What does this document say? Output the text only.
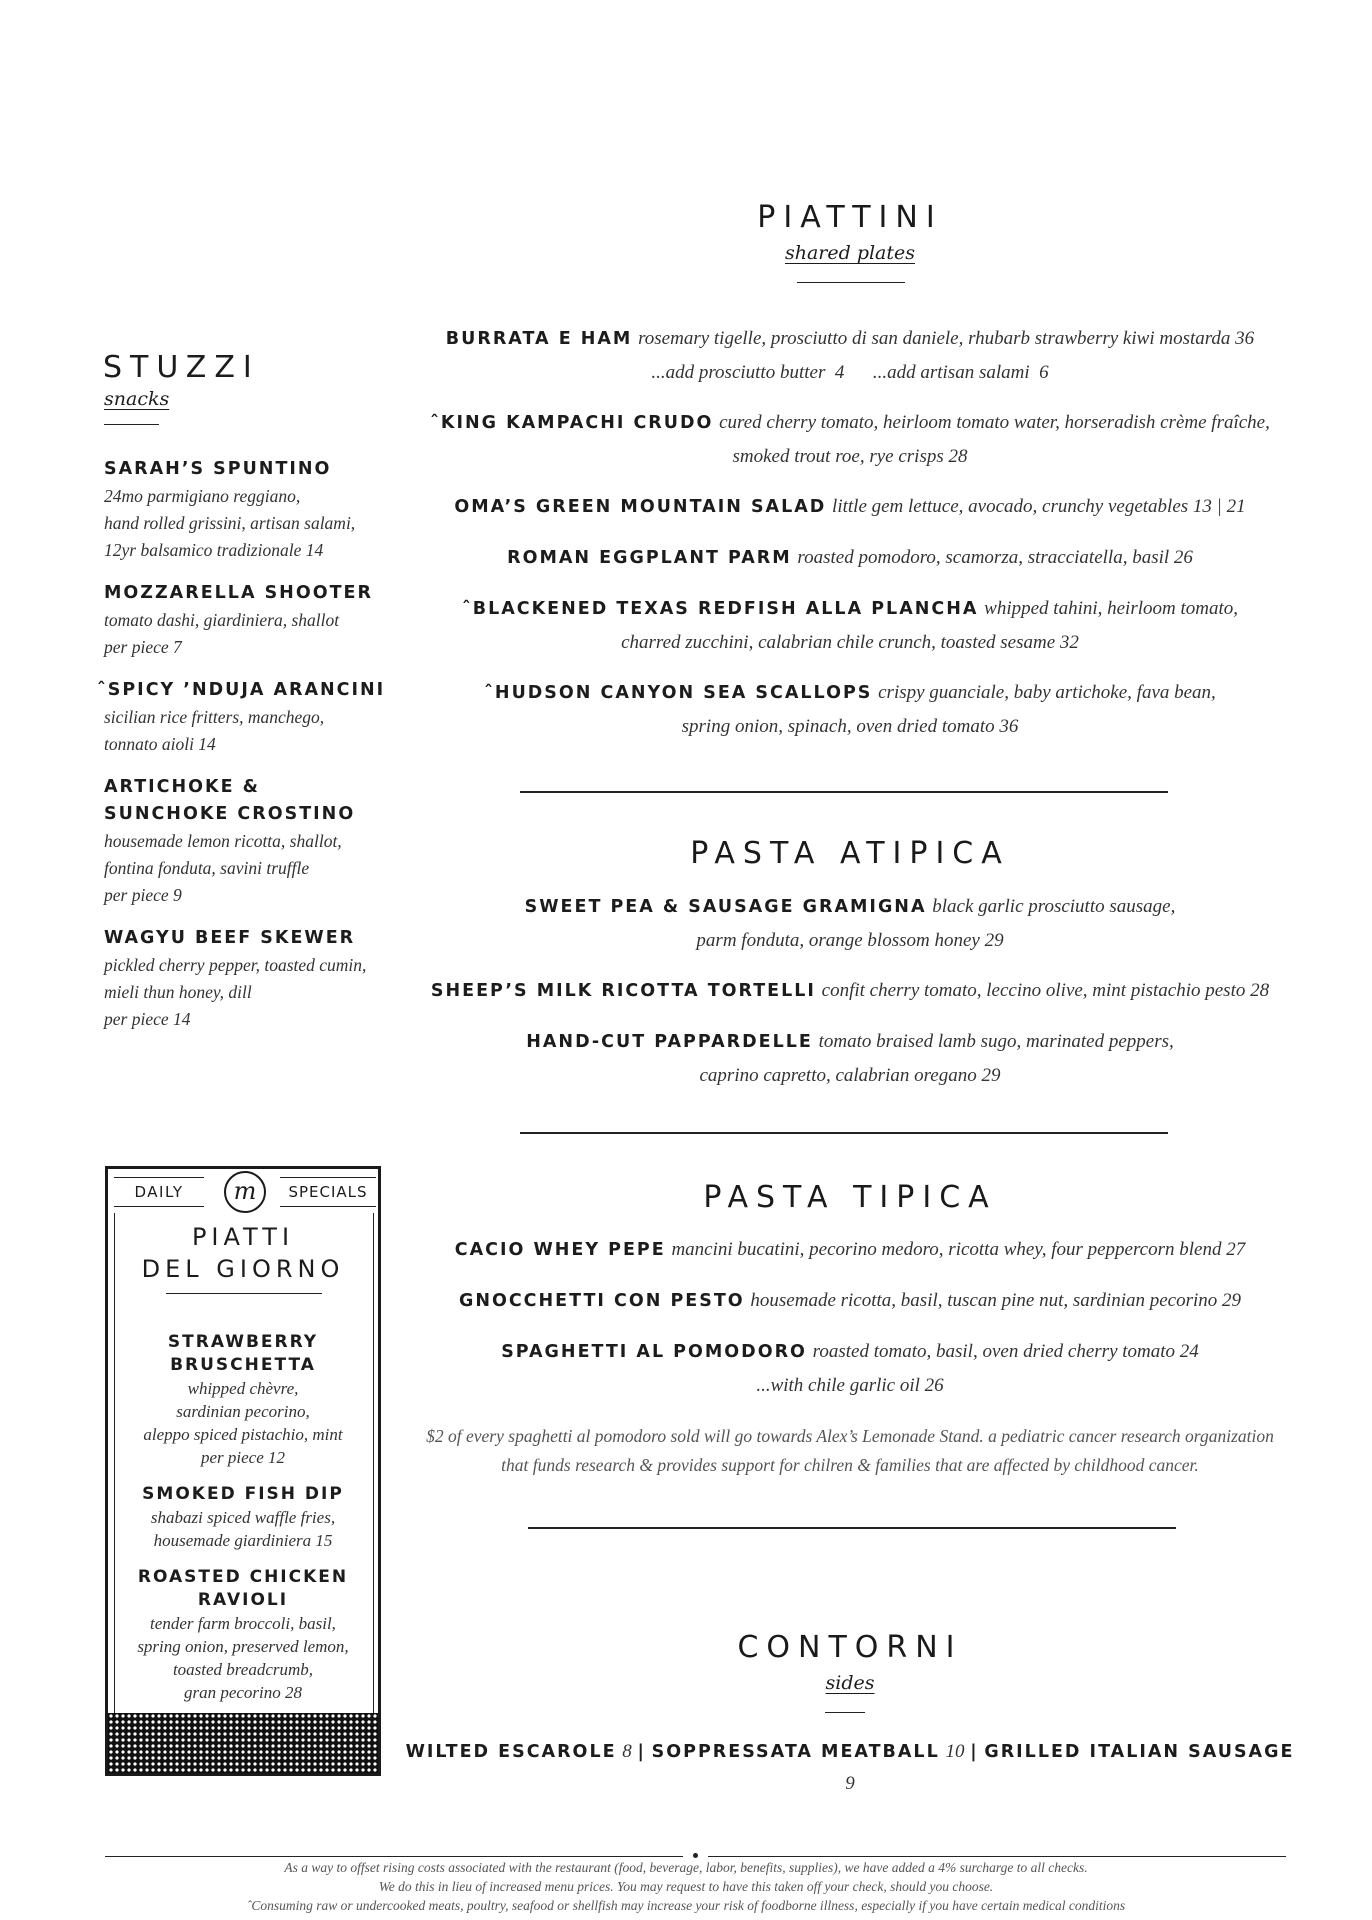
PIATTINI
shared plates
BURRATA E HAM rosemary tigelle, prosciutto di san daniele, rhubarb strawberry kiwi mostarda 36
...add prosciutto butter  4      ...add artisan salami  6
ˆKING KAMPACHI CRUDO cured cherry tomato, heirloom tomato water, horseradish crème fraîche,
smoked trout roe, rye crisps 28
OMA’S GREEN MOUNTAIN SALAD little gem lettuce, avocado, crunchy vegetables 13 | 21
ROMAN EGGPLANT PARM roasted pomodoro, scamorza, stracciatella, basil 26
ˆBLACKENED TEXAS REDFISH ALLA PLANCHA whipped tahini, heirloom tomato,
charred zucchini, calabrian chile crunch, toasted sesame 32
ˆHUDSON CANYON SEA SCALLOPS crispy guanciale, baby artichoke, fava bean,
spring onion, spinach, oven dried tomato 36
STUZZI
snacks
SARAH’S SPUNTINO
24mo parmigiano reggiano,
hand rolled grissini, artisan salami,
12yr balsamico tradizionale 14
MOZZARELLA SHOOTER
tomato dashi, giardiniera, shallot
per piece 7
ˆSPICY ’NDUJA ARANCINI
sicilian rice fritters, manchego,
tonnato aioli 14
ARTICHOKE &
SUNCHOKE CROSTINO
housemade lemon ricotta, shallot,
fontina fonduta, savini truffle
per piece 9
WAGYU BEEF SKEWER
pickled cherry pepper, toasted cumin,
mieli thun honey, dill
per piece 14
PASTA ATIPICA
SWEET PEA & SAUSAGE GRAMIGNA black garlic prosciutto sausage,
parm fonduta, orange blossom honey 29
SHEEP’S MILK RICOTTA TORTELLI confit cherry tomato, leccino olive, mint pistachio pesto 28
HAND-CUT PAPPARDELLE tomato braised lamb sugo, marinated peppers,
caprino capretto, calabrian oregano 29
PASTA TIPICA
CACIO WHEY PEPE mancini bucatini, pecorino medoro, ricotta whey, four peppercorn blend 27
GNOCCHETTI CON PESTO housemade ricotta, basil, tuscan pine nut, sardinian pecorino 29
SPAGHETTI AL POMODORO roasted tomato, basil, oven dried cherry tomato 24
...with chile garlic oil 26
$2 of every spaghetti al pomodoro sold will go towards Alex’s Lemonade Stand. a pediatric cancer research organization
that funds research & provides support for chilren & families that are affected by childhood cancer.
CONTORNI
sides
WILTED ESCAROLE 8 | SOPPRESSATA MEATBALL 10 | GRILLED ITALIAN SAUSAGE 9
DAILY	m	SPECIALS
PIATTI
DEL GIORNO
STRAWBERRY
BRUSCHETTA
whipped chèvre,
sardinian pecorino,
aleppo spiced pistachio, mint
per piece 12
SMOKED FISH DIP
shabazi spiced waffle fries,
housemade giardiniera 15
ROASTED CHICKEN
RAVIOLI
tender farm broccoli, basil,
spring onion, preserved lemon,
toasted breadcrumb,
gran pecorino 28
As a way to offset rising costs associated with the restaurant (food, beverage, labor, benefits, supplies), we have added a 4% surcharge to all checks.
We do this in lieu of increased menu prices. You may request to have this taken off your check, should you choose.
ˆConsuming raw or undercooked meats, poultry, seafood or shellfish may increase your risk of foodborne illness, especially if you have certain medical conditions
